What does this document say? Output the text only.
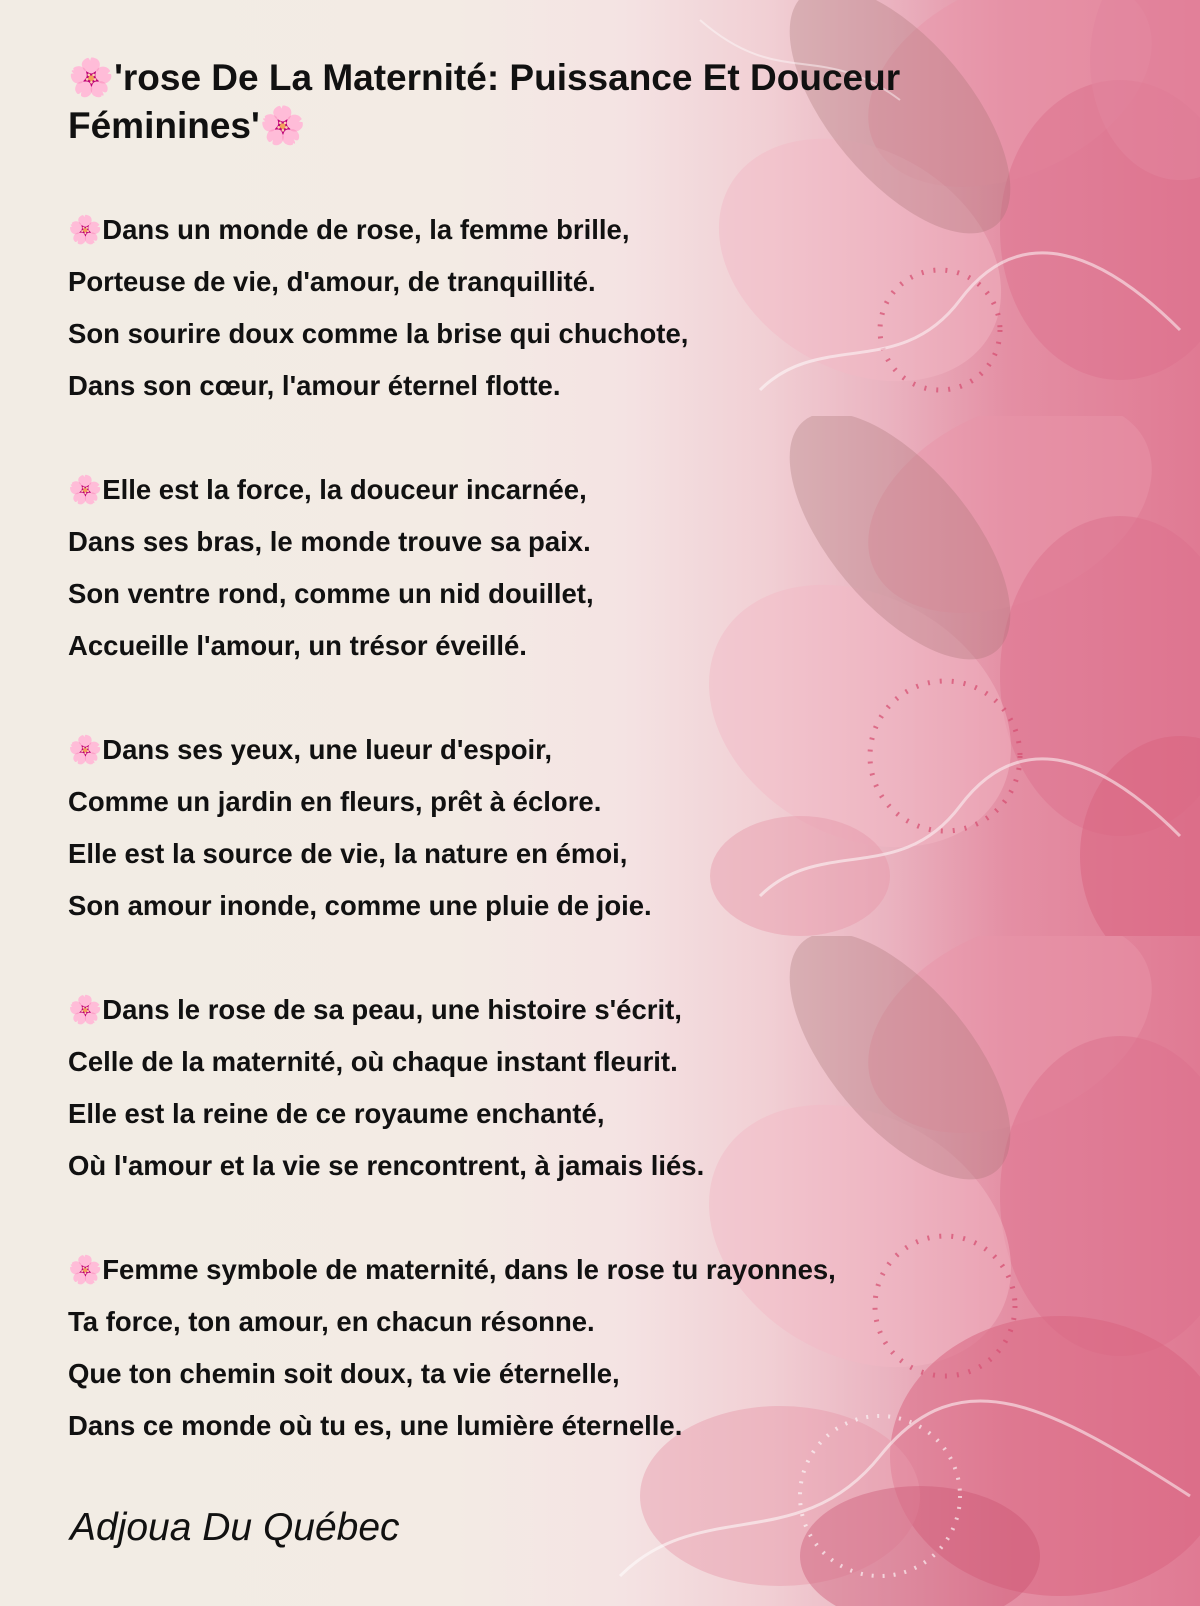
🌸'rose De La Maternité: Puissance Et Douceur Féminines'🌸
🌸Dans un monde de rose, la femme brille,
Porteuse de vie, d'amour, de tranquillité.
Son sourire doux comme la brise qui chuchote,
Dans son cœur, l'amour éternel flotte.
🌸Elle est la force, la douceur incarnée,
Dans ses bras, le monde trouve sa paix.
Son ventre rond, comme un nid douillet,
Accueille l'amour, un trésor éveillé.
🌸Dans ses yeux, une lueur d'espoir,
Comme un jardin en fleurs, prêt à éclore.
Elle est la source de vie, la nature en émoi,
Son amour inonde, comme une pluie de joie.
🌸Dans le rose de sa peau, une histoire s'écrit,
Celle de la maternité, où chaque instant fleurit.
Elle est la reine de ce royaume enchanté,
Où l'amour et la vie se rencontrent, à jamais liés.
🌸Femme symbole de maternité, dans le rose tu rayonnes,
Ta force, ton amour, en chacun résonne.
Que ton chemin soit doux, ta vie éternelle,
Dans ce monde où tu es, une lumière éternelle.
Adjoua Du Québec
